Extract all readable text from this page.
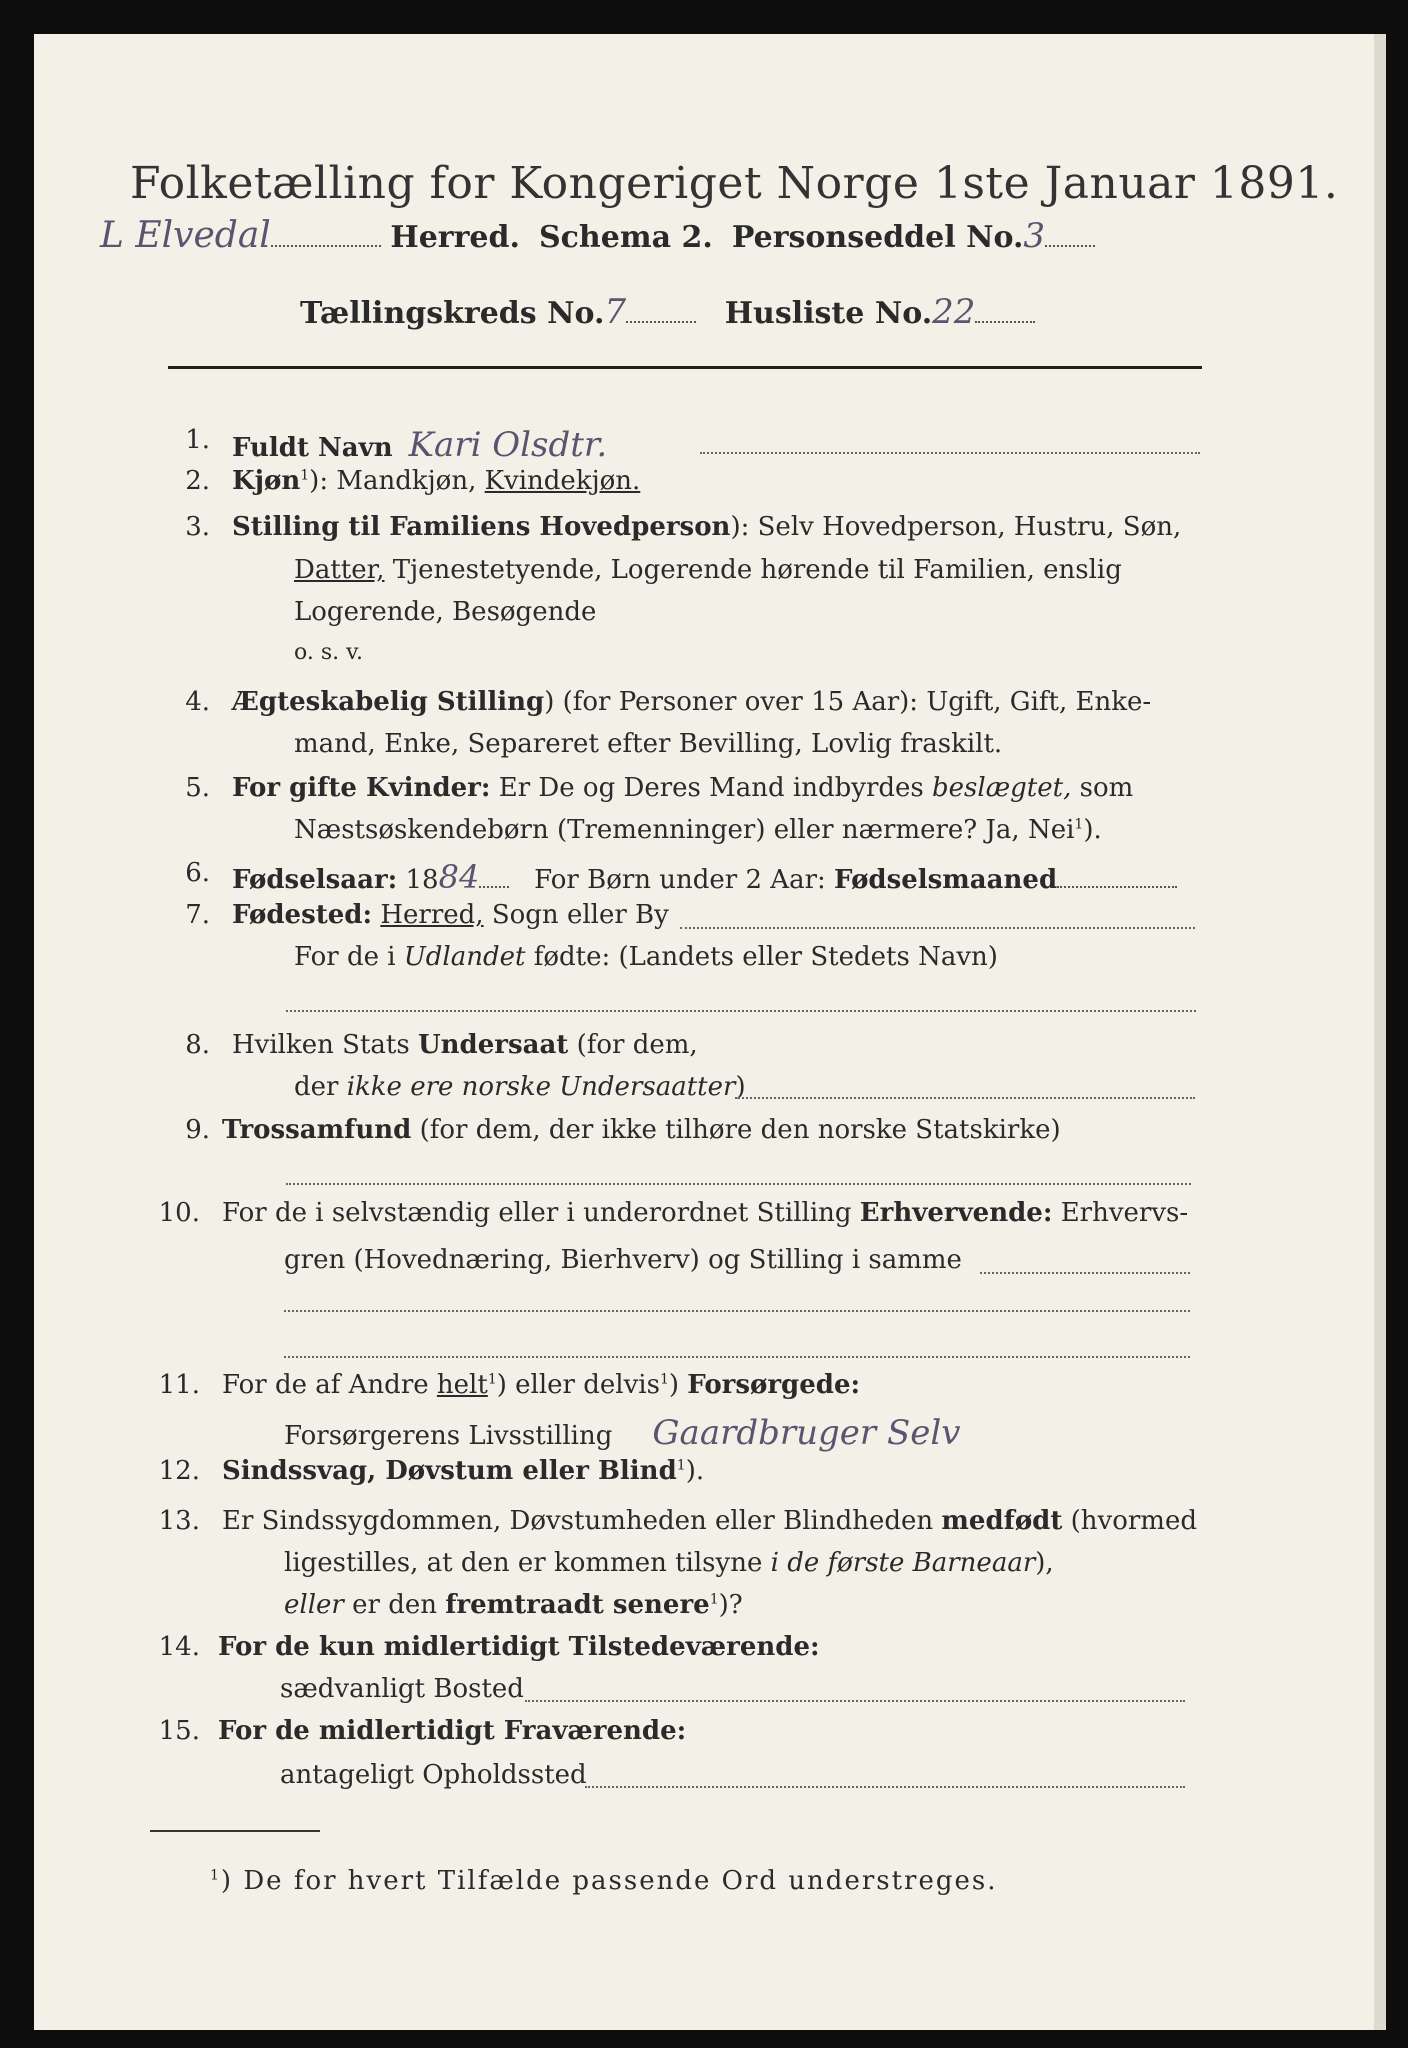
Folketælling for Kongeriget Norge 1ste Januar 1891.
L Elvedal	Herred. Schema 2. Personseddel No.3
Tællingskreds No.7	Husliste No.22
1. Fuldt Navn Kari Olsdtr.
2. Kjøn$^1$): Mandkjøn, Kvindekjøn.
3. Stilling til Familiens Hovedperson): Selv Hovedperson, Hustru, Søn,
Datter, Tjenestetyende, Logerende hørende til Familien, enslig
Logerende, Besøgende
o. s. v.
4. Ægteskabelig Stilling) (for Personer over 15 Aar): Ugift, Gift, Enke-
mand, Enke, Separeret efter Bevilling, Lovlig fraskilt.
5. For gifte Kvinder: Er De og Deres Mand indbyrdes beslægtet, som
Næstsøskendebørn (Tremenninger) eller nærmere? Ja, Nei$^1$).
6. Fødselsaar: 1884 For Børn under 2 Aar: Fødselsmaaned
7. Fødested: Herred, Sogn eller By
For de i Udlandet fødte: (Landets eller Stedets Navn)
8. Hvilken Stats Undersaat (for dem,
der ikke ere norske Undersaatter)
9. Trossamfund (for dem, der ikke tilhøre den norske Statskirke)
10. For de i selvstændig eller i underordnet Stilling Erhvervende: Erhvervs-
gren (Hovednæring, Bierhverv) og Stilling i samme
11. For de af Andre helt$^1$) eller delvis$^1$) Forsørgede:
Forsørgerens Livsstilling Gaardbruger Selv
12. Sindssvag, Døvstum eller Blind$^1$).
13. Er Sindssygdommen, Døvstumheden eller Blindheden medfødt (hvormed
ligestilles, at den er kommen tilsyne i de første Barneaar),
eller er den fremtraadt senere$^1$)?
14. For de kun midlertidigt Tilstedeværende:
sædvanligt Bosted
15. For de midlertidigt Fraværende:
antageligt Opholdssted
$^1$) De for hvert Tilfælde passende Ord understreges.
